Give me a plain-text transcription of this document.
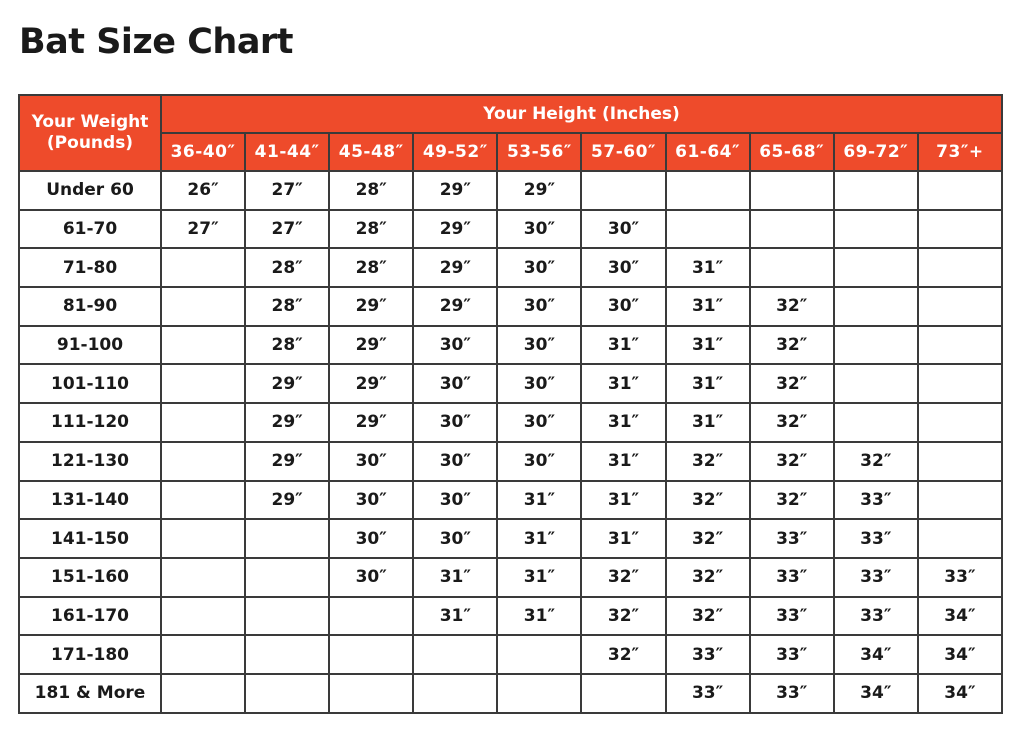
Bat Size Chart
Your Weight
(Pounds)	Your Height (Inches)									
	36-40″	41-44″	45-48″	49-52″	53-56″	57-60″	61-64″	65-68″	69-72″	73″+
Under 60	26″	27″	28″	29″	29″					
61-70	27″	27″	28″	29″	30″	30″				
71-80		28″	28″	29″	30″	30″	31″			
81-90		28″	29″	29″	30″	30″	31″	32″		
91-100		28″	29″	30″	30″	31″	31″	32″		
101-110		29″	29″	30″	30″	31″	31″	32″		
111-120		29″	29″	30″	30″	31″	31″	32″		
121-130		29″	30″	30″	30″	31″	32″	32″	32″	
131-140		29″	30″	30″	31″	31″	32″	32″	33″	
141-150			30″	30″	31″	31″	32″	33″	33″	
151-160			30″	31″	31″	32″	32″	33″	33″	33″
161-170				31″	31″	32″	32″	33″	33″	34″
171-180						32″	33″	33″	34″	34″
181 & More							33″	33″	34″	34″
